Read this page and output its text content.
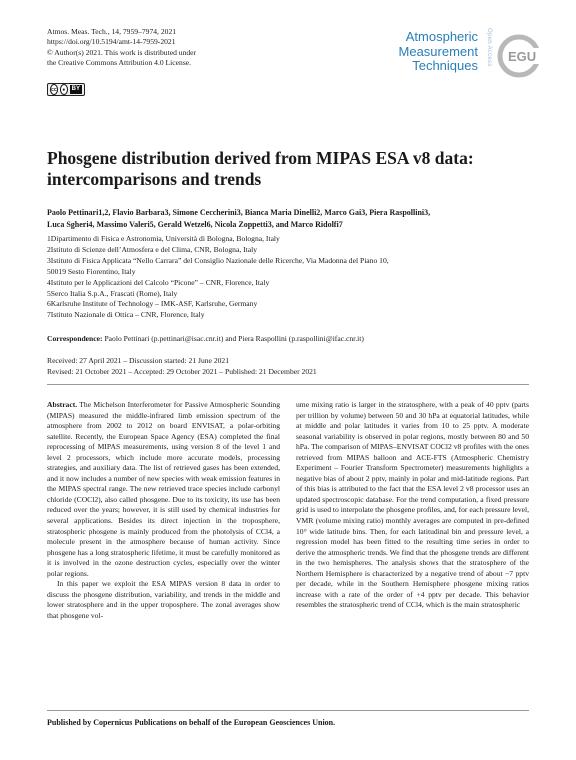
Atmos. Meas. Tech., 14, 7959–7974, 2021
https://doi.org/10.5194/amt-14-7959-2021
© Author(s) 2021. This work is distributed under
the Creative Commons Attribution 4.0 License.
cc	●	BY
Atmospheric
Measurement
Techniques Open Access EGU
Phosgene distribution derived from MIPAS ESA v8 data:
intercomparisons and trends
Paolo Pettinari1,2, Flavio Barbara3, Simone Ceccherini3, Bianca Maria Dinelli2, Marco Gai3, Piera Raspollini3,
Luca Sgheri4, Massimo Valeri5, Gerald Wetzel6, Nicola Zoppetti3, and Marco Ridolfi7
1Dipartimento di Fisica e Astronomia, Università di Bologna, Bologna, Italy
2Istituto di Scienze dell’Atmosfera e del Clima, CNR, Bologna, Italy
3Istituto di Fisica Applicata “Nello Carrara” del Consiglio Nazionale delle Ricerche, Via Madonna del Piano 10,
50019 Sesto Fiorentino, Italy
4Istituto per le Applicazioni del Calcolo “Picone” – CNR, Florence, Italy
5Serco Italia S.p.A., Frascati (Rome), Italy
6Karlsruhe Institute of Technology – IMK-ASF, Karlsruhe, Germany
7Istituto Nazionale di Ottica – CNR, Florence, Italy
Correspondence: Paolo Pettinari (p.pettinari@isac.cnr.it) and Piera Raspollini (p.raspollini@ifac.cnr.it)
Received: 27 April 2021 – Discussion started: 21 June 2021
Revised: 21 October 2021 – Accepted: 29 October 2021 – Published: 21 December 2021

Abstract. The Michelson Interferometer for Passive Atmospheric Sounding (MIPAS) measured the middle-infrared limb emission spectrum of the atmosphere from 2002 to 2012 on board ENVISAT, a polar-orbiting satellite. Recently, the European Space Agency (ESA) completed the final reprocessing of MIPAS measurements, using version 8 of the level 1 and level 2 processors, which include more accurate models, processing strategies, and auxiliary data. The list of retrieved gases has been extended, and it now includes a number of new species with weak emission features in the MIPAS spectral range. The new retrieved trace species include carbonyl chloride (COCl2), also called phosgene. Due to its toxicity, its use has been reduced over the years; however, it is still used by chemical industries for several applications. Besides its direct injection in the troposphere, stratospheric phosgene is mainly produced from the photolysis of CCl4, a molecule present in the atmosphere because of human activity. Since phosgene has a long stratospheric lifetime, it must be carefully monitored as it is involved in the ozone destruction cycles, especially over the winter polar regions.

In this paper we exploit the ESA MIPAS version 8 data in order to discuss the phosgene distribution, variability, and trends in the middle and lower stratosphere and in the upper troposphere. The zonal averages show that phosgene vol-

ume mixing ratio is larger in the stratosphere, with a peak of 40 pptv (parts per trillion by volume) between 50 and 30 hPa at equatorial latitudes, while at middle and polar latitudes it varies from 10 to 25 pptv. A moderate seasonal variability is observed in polar regions, mostly between 80 and 50 hPa. The comparison of MIPAS–ENVISAT COCl2 v8 profiles with the ones retrieved from MIPAS balloon and ACE-FTS (Atmospheric Chemistry Experiment – Fourier Transform Spectrometer) measurements highlights a negative bias of about 2 pptv, mainly in polar and mid-latitude regions. Part of this bias is attributed to the fact that the ESA level 2 v8 processor uses an updated spectroscopic database. For the trend computation, a fixed pressure grid is used to interpolate the phosgene profiles, and, for each pressure level, VMR (volume mixing ratio) monthly averages are computed in pre-defined 10° wide latitude bins. Then, for each latitudinal bin and pressure level, a regression model has been fitted to the resulting time series in order to derive the atmospheric trends. We find that the phosgene trends are different in the two hemispheres. The analysis shows that the stratosphere of the Northern Hemisphere is characterized by a negative trend of about −7 pptv per decade, while in the Southern Hemisphere phosgene mixing ratios increase with a rate of the order of +4 pptv per decade. This behavior resembles the stratospheric trend of CCl4, which is the main stratospheric

Published by Copernicus Publications on behalf of the European Geosciences Union.
